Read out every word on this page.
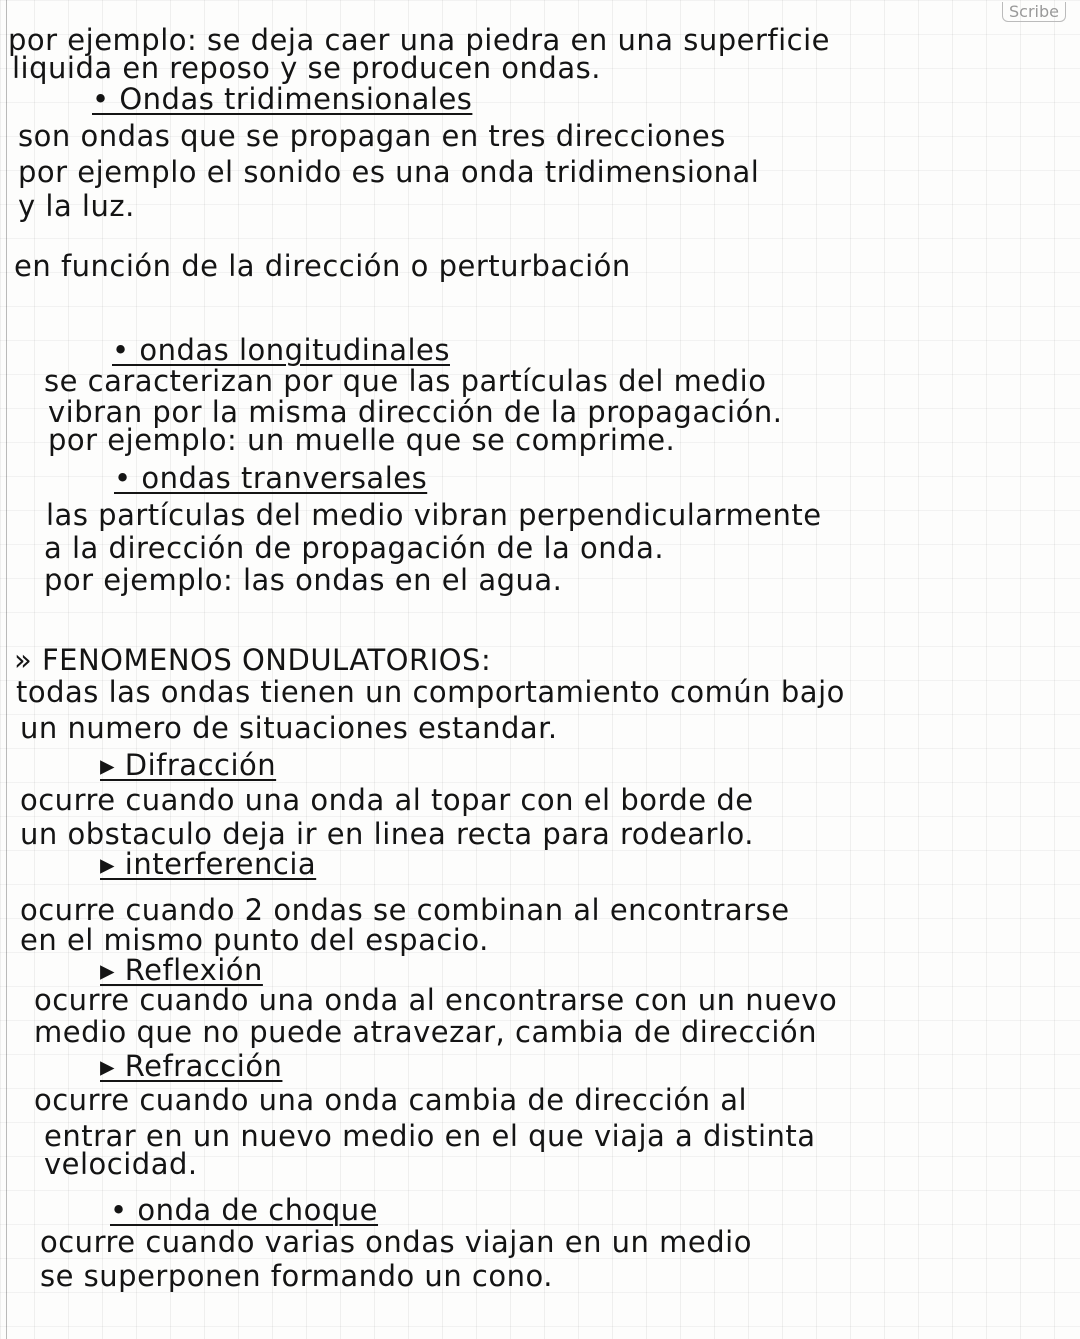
Scribe
por ejemplo: se deja caer una piedra en una superficie
liquida en reposo y se producen ondas.
• Ondas tridimensionales
son ondas que se propagan en tres direcciones
por ejemplo el sonido es una onda tridimensional
y la luz.
en función de la dirección o perturbación
• ondas longitudinales
se caracterizan por que las partículas del medio
vibran por la misma dirección de la propagación.
por ejemplo: un muelle que se comprime.
• ondas tranversales
las partículas del medio vibran perpendicularmente
a la dirección de propagación de la onda.
por ejemplo: las ondas en el agua.
» FENOMENOS ONDULATORIOS:
todas las ondas tienen un comportamiento común bajo
un numero de situaciones estandar.
▸ Difracción
ocurre cuando una onda al topar con el borde de
un obstaculo deja ir en linea recta para rodearlo.
▸ interferencia
ocurre cuando 2 ondas se combinan al encontrarse
en el mismo punto del espacio.
▸ Reflexión
ocurre cuando una onda al encontrarse con un nuevo
medio que no puede atravezar, cambia de dirección
▸ Refracción
ocurre cuando una onda cambia de dirección al
entrar en un nuevo medio en el que viaja a distinta
velocidad.
• onda de choque
ocurre cuando varias ondas viajan en un medio
se superponen formando un cono.
